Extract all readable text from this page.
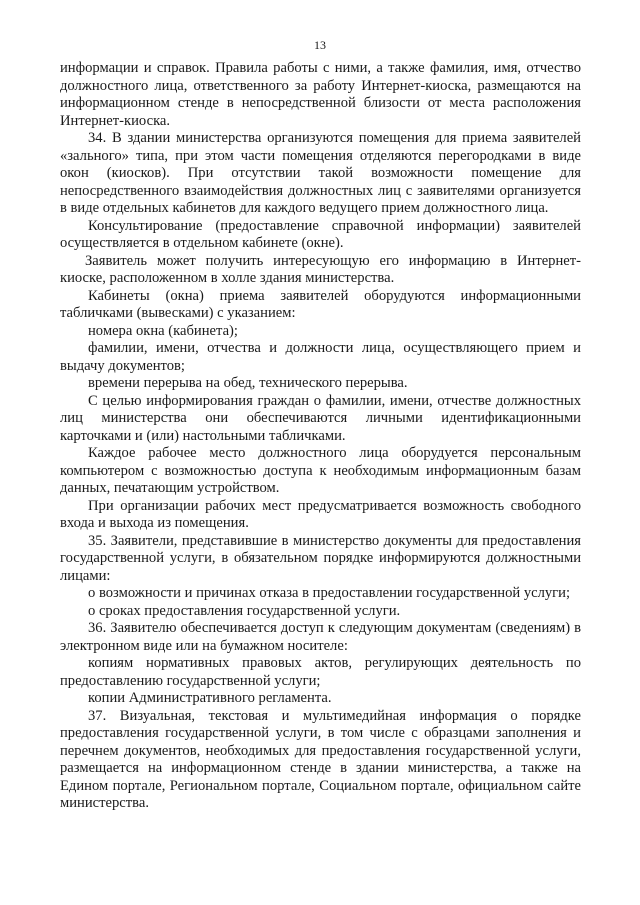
13

информации и справок. Правила работы с ними, а также фамилия, имя, отчество должностного лица, ответственного за работу Интернет-киоска, размещаются на информационном стенде в непосредственной близости от места расположения Интернет-киоска.

34. В здании министерства организуются помещения для приема заявителей «зального» типа, при этом части помещения отделяются перегородками в виде окон (киосков). При отсутствии такой возможности помещение для непосредственного взаимодействия должностных лиц с заявителями организуется в виде отдельных кабинетов для каждого ведущего прием должностного лица.

Консультирование (предоставление справочной информации) заявителей осуществляется в отдельном кабинете (окне).

Заявитель может получить интересующую его информацию в Интернет-киоске, расположенном в холле здания министерства.

Кабинеты (окна) приема заявителей оборудуются информационными табличками (вывесками) с указанием:

номера окна (кабинета);

фамилии, имени, отчества и должности лица, осуществляющего прием и выдачу документов;

времени перерыва на обед, технического перерыва.

С целью информирования граждан о фамилии, имени, отчестве должностных лиц министерства они обеспечиваются личными идентификационными карточками и (или) настольными табличками.

Каждое рабочее место должностного лица оборудуется персональным компьютером с возможностью доступа к необходимым информационным базам данных, печатающим устройством.

При организации рабочих мест предусматривается возможность свободного входа и выхода из помещения.

35. Заявители, представившие в министерство документы для предоставления государственной услуги, в обязательном порядке информируются должностными лицами:

о возможности и причинах отказа в предоставлении государственной услуги;

о сроках предоставления государственной услуги.

36. Заявителю обеспечивается доступ к следующим документам (сведениям) в электронном виде или на бумажном носителе:

копиям нормативных правовых актов, регулирующих деятельность по предоставлению государственной услуги;

копии Административного регламента.

37. Визуальная, текстовая и мультимедийная информация о порядке предоставления государственной услуги, в том числе с образцами заполнения и перечнем документов, необходимых для предоставления государственной услуги, размещается на информационном стенде в здании министерства, а также на Едином портале, Региональном портале, Социальном портале, официальном сайте министерства.
